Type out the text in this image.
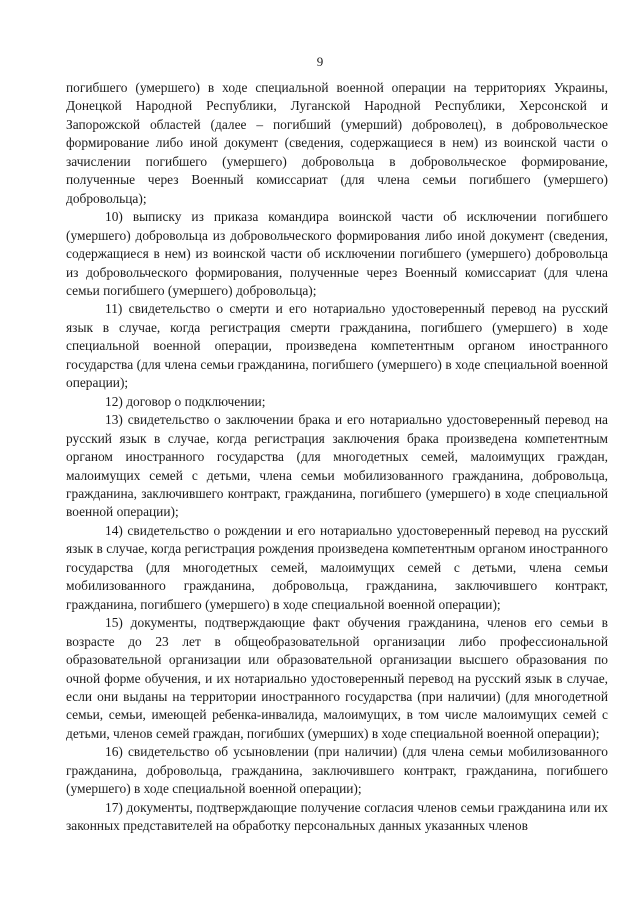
9

погибшего (умершего) в ходе специальной военной операции на территориях Украины, Донецкой Народной Республики, Луганской Народной Республики, Херсонской и Запорожской областей (далее – погибший (умерший) доброволец), в добровольческое формирование либо иной документ (сведения, содержащиеся в нем) из воинской части о зачислении погибшего (умершего) добровольца в добровольческое формирование, полученные через Военный комиссариат (для члена семьи погибшего (умершего) добровольца);

10) выписку из приказа командира воинской части об исключении погибшего (умершего) добровольца из добровольческого формирования либо иной документ (сведения, содержащиеся в нем) из воинской части об исключении погибшего (умершего) добровольца из добровольческого формирования, полученные через Военный комиссариат (для члена семьи погибшего (умершего) добровольца);

11) свидетельство о смерти и его нотариально удостоверенный перевод на русский язык в случае, когда регистрация смерти гражданина, погибшего (умершего) в ходе специальной военной операции, произведена компетентным органом иностранного государства (для члена семьи гражданина, погибшего (умершего) в ходе специальной военной операции);

12) договор о подключении;

13) свидетельство о заключении брака и его нотариально удостоверенный перевод на русский язык в случае, когда регистрация заключения брака произведена компетентным органом иностранного государства (для многодетных семей, малоимущих граждан, малоимущих семей с детьми, члена семьи мобилизованного гражданина, добровольца, гражданина, заключившего контракт, гражданина, погибшего (умершего) в ходе специальной военной операции);

14) свидетельство о рождении и его нотариально удостоверенный перевод на русский язык в случае, когда регистрация рождения произведена компетентным органом иностранного государства (для многодетных семей, малоимущих семей с детьми, члена семьи мобилизованного гражданина, добровольца, гражданина, заключившего контракт, гражданина, погибшего (умершего) в ходе специальной военной операции);

15) документы, подтверждающие факт обучения гражданина, членов его семьи в возрасте до 23 лет в общеобразовательной организации либо профессиональной образовательной организации или образовательной организации высшего образования по очной форме обучения, и их нотариально удостоверенный перевод на русский язык в случае, если они выданы на территории иностранного государства (при наличии) (для многодетной семьи, семьи, имеющей ребенка-инвалида, малоимущих, в том числе малоимущих семей с детьми, членов семей граждан, погибших (умерших) в ходе специальной военной операции);

16) свидетельство об усыновлении (при наличии) (для члена семьи мобилизованного гражданина, добровольца, гражданина, заключившего контракт, гражданина, погибшего (умершего) в ходе специальной военной операции);

17) документы, подтверждающие получение согласия членов семьи гражданина или их законных представителей на обработку персональных данных указанных членов
